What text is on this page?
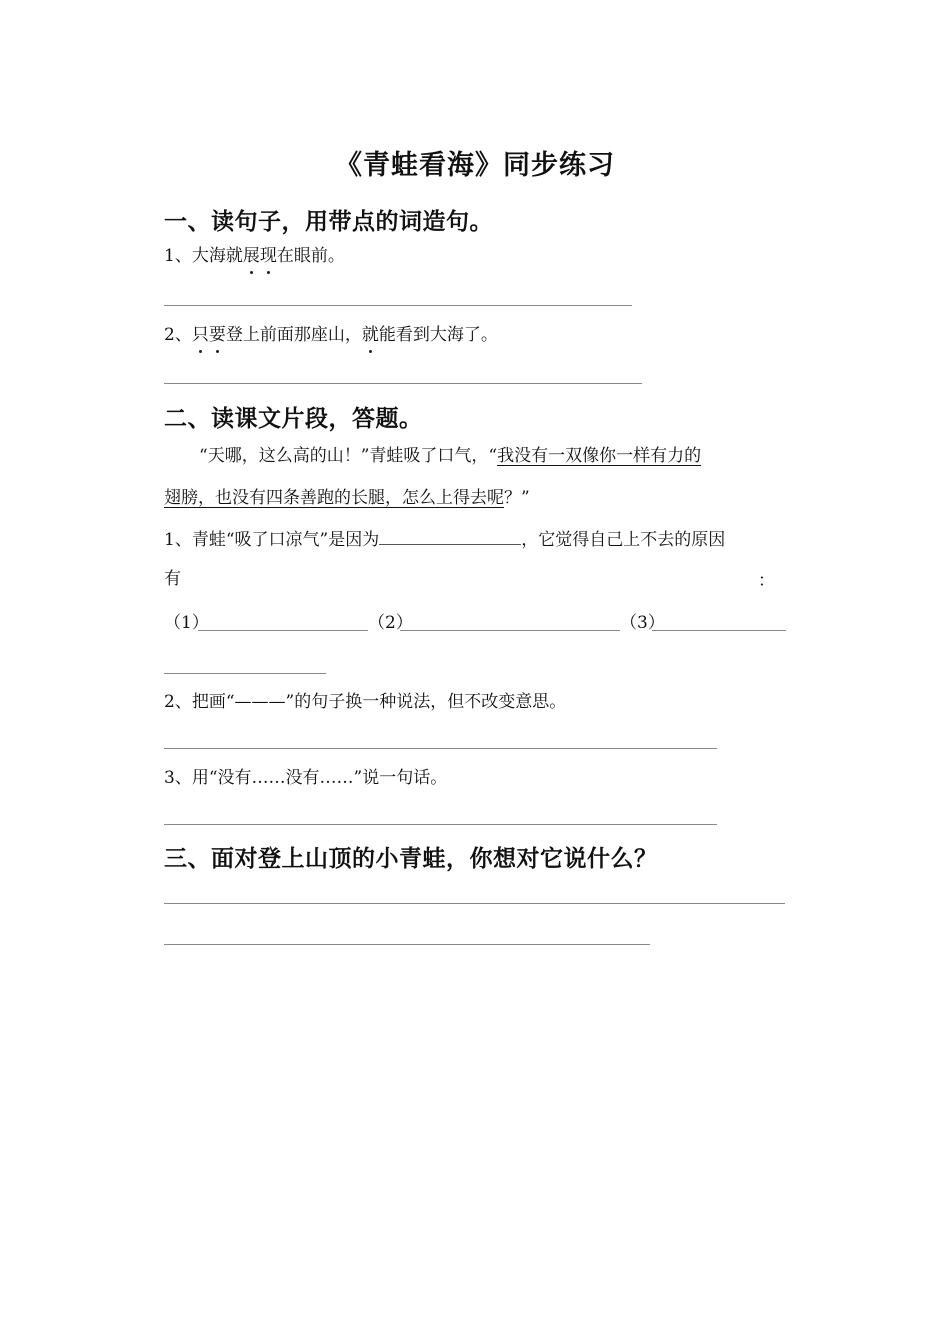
《青蛙看海》同步练习
一、读句子，用带点的词造句。
1、大海就展现在眼前。
2、只要登上前面那座山，就能看到大海了。
二、读课文片段，答题。
“天哪，这么高的山！”青蛙吸了口气，“我没有一双像你一样有力的
翅膀，也没有四条善跑的长腿，怎么上得去呢？”
1、青蛙“吸了口凉气”是因为	，它觉得自己上不去的原因
有	：
（1）	（2）	（3）
2、把画“———”的句子换一种说法，但不改变意思。
3、用“没有……没有……”说一句话。
三、面对登上山顶的小青蛙，你想对它说什么？
